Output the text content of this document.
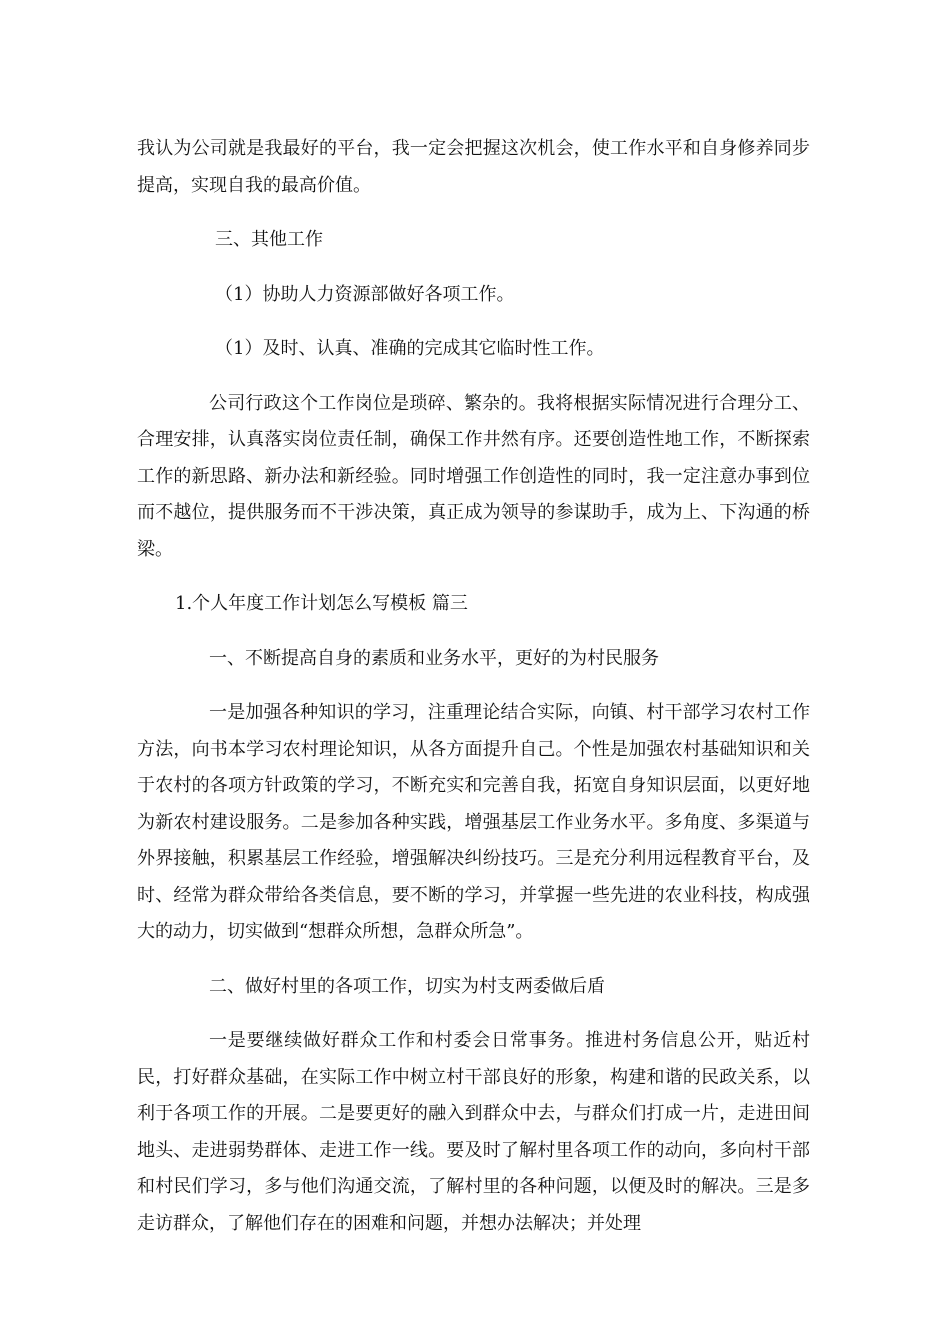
我认为公司就是我最好的平台，我一定会把握这次机会，使工作水平和自身修养同步提高，实现自我的最高价值。

三、其他工作

（1）协助人力资源部做好各项工作。

（1）及时、认真、准确的完成其它临时性工作。

公司行政这个工作岗位是琐碎、繁杂的。我将根据实际情况进行合理分工、合理安排，认真落实岗位责任制，确保工作井然有序。还要创造性地工作，不断探索工作的新思路、新办法和新经验。同时增强工作创造性的同时，我一定注意办事到位而不越位，提供服务而不干涉决策，真正成为领导的参谋助手，成为上、下沟通的桥梁。

1.个人年度工作计划怎么写模板 篇三

一、不断提高自身的素质和业务水平，更好的为村民服务

一是加强各种知识的学习，注重理论结合实际，向镇、村干部学习农村工作方法，向书本学习农村理论知识，从各方面提升自己。个性是加强农村基础知识和关于农村的各项方针政策的学习，不断充实和完善自我，拓宽自身知识层面，以更好地为新农村建设服务。二是参加各种实践，增强基层工作业务水平。多角度、多渠道与外界接触，积累基层工作经验，增强解决纠纷技巧。三是充分利用远程教育平台，及时、经常为群众带给各类信息，要不断的学习，并掌握一些先进的农业科技，构成强大的动力，切实做到“想群众所想，急群众所急”。

二、做好村里的各项工作，切实为村支两委做后盾

一是要继续做好群众工作和村委会日常事务。推进村务信息公开，贴近村民，打好群众基础，在实际工作中树立村干部良好的形象，构建和谐的民政关系，以利于各项工作的开展。二是要更好的融入到群众中去，与群众们打成一片，走进田间地头、走进弱势群体、走进工作一线。要及时了解村里各项工作的动向，多向村干部和村民们学习，多与他们沟通交流，了解村里的各种问题，以便及时的解决。三是多走访群众，了解他们存在的困难和问题，并想办法解决；并处理
